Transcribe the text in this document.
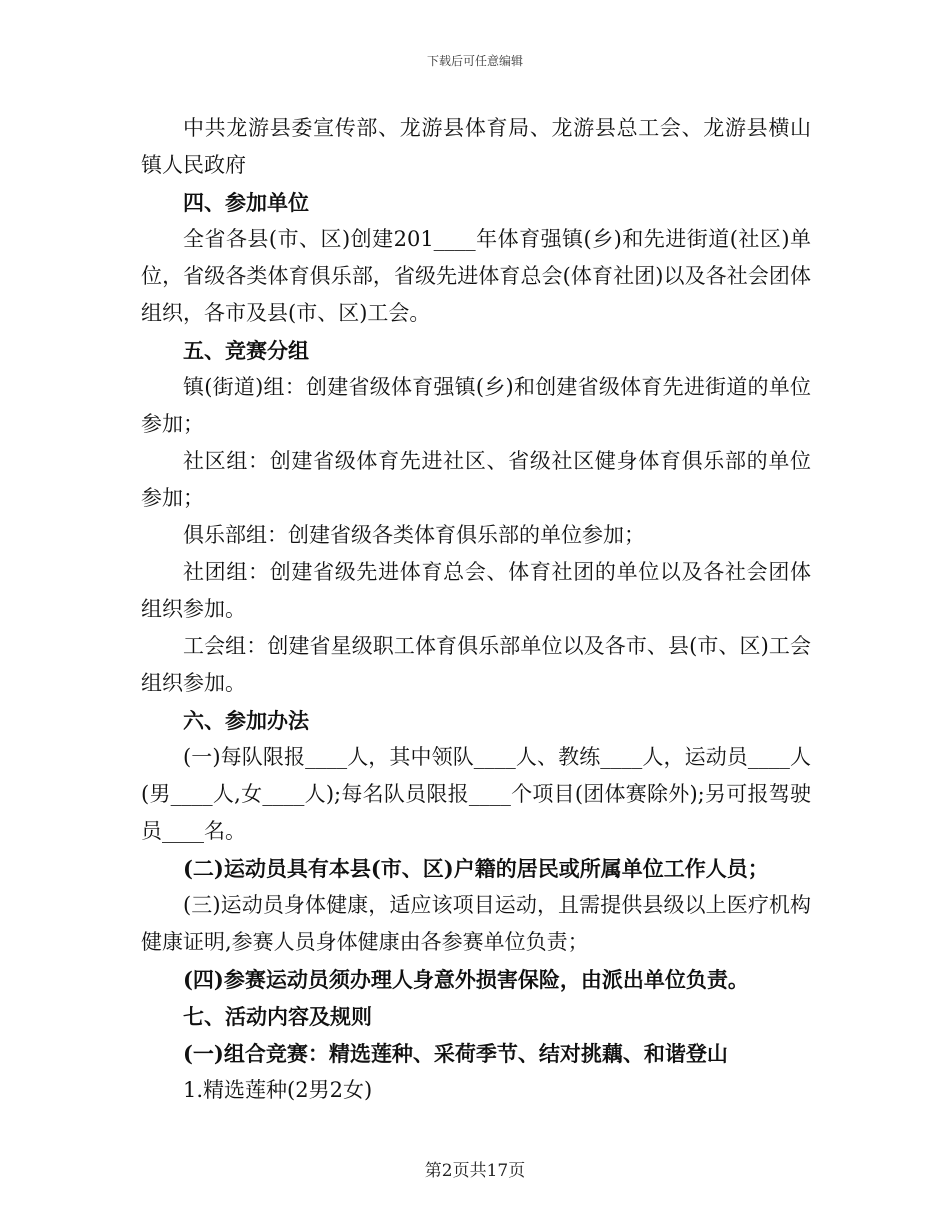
下载后可任意编辑

中共龙游县委宣传部、龙游县体育局、龙游县总工会、龙游县横山镇人民政府

四、参加单位

全省各县(市、区)创建201____年体育强镇(乡)和先进街道(社区)单位，省级各类体育俱乐部，省级先进体育总会(体育社团)以及各社会团体组织，各市及县(市、区)工会。

五、竞赛分组

镇(街道)组：创建省级体育强镇(乡)和创建省级体育先进街道的单位参加；

社区组：创建省级体育先进社区、省级社区健身体育俱乐部的单位参加；

俱乐部组：创建省级各类体育俱乐部的单位参加；

社团组：创建省级先进体育总会、体育社团的单位以及各社会团体组织参加。

工会组：创建省星级职工体育俱乐部单位以及各市、县(市、区)工会组织参加。

六、参加办法

(一)每队限报____人，其中领队____人、教练____人，运动员____人(男____人,女____人);每名队员限报____个项目(团体赛除外);另可报驾驶员____名。

(二)运动员具有本县(市、区)户籍的居民或所属单位工作人员；

(三)运动员身体健康，适应该项目运动，且需提供县级以上医疗机构健康证明,参赛人员身体健康由各参赛单位负责；

(四)参赛运动员须办理人身意外损害保险，由派出单位负责。

七、活动内容及规则

(一)组合竞赛：精选莲种、采荷季节、结对挑藕、和谐登山

1.精选莲种(2男2女)

第2页共17页
